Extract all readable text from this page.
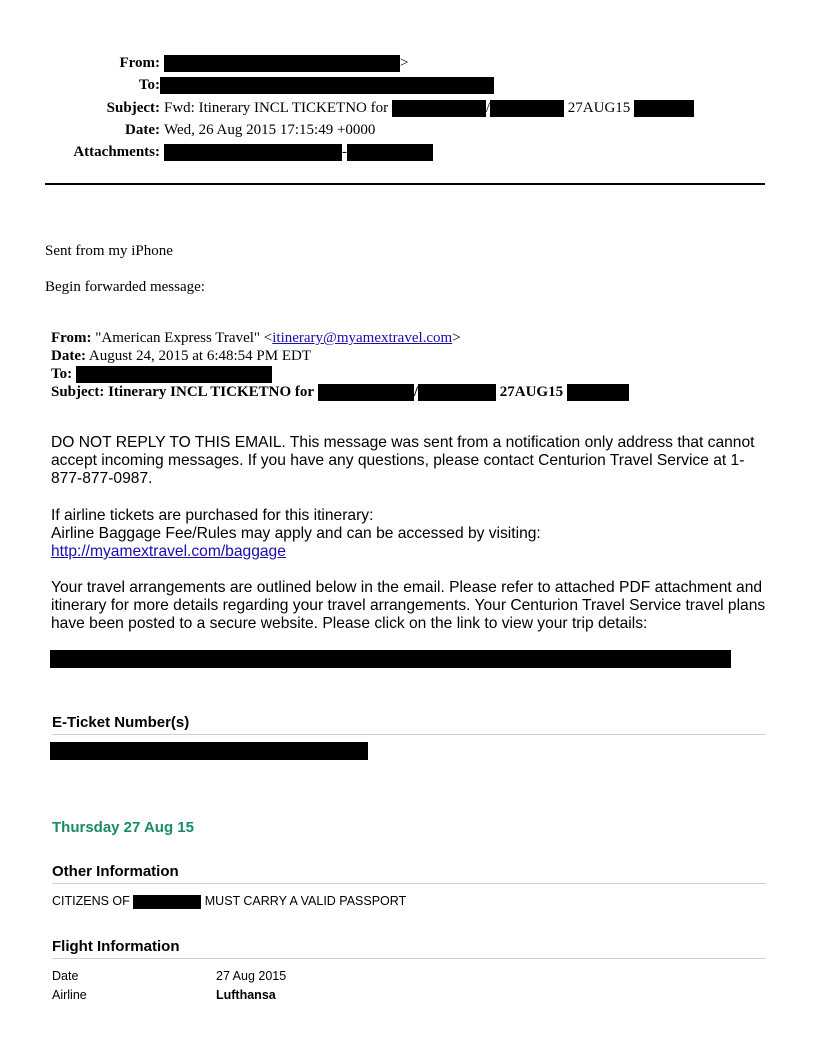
From:	>
To:
Subject: Fwd: Itinerary INCL TICKETNO for	/	27AUG15
Date: Wed, 26 Aug 2015 17:15:49 +0000
Attachments:	-
Sent from my iPhone
Begin forwarded message:
From: "American Express Travel" <itinerary@myamextravel.com>
Date: August 24, 2015 at 6:48:54 PM EDT
To:
Subject: Itinerary INCL TICKETNO for	/	27AUG15

DO NOT REPLY TO THIS EMAIL. This message was sent from a notification only address that cannot accept incoming messages. If you have any questions, please contact Centurion Travel Service at 1-877-877-0987.

If airline tickets are purchased for this itinerary:

Airline Baggage Fee/Rules may apply and can be accessed by visiting:

http://myamextravel.com/baggage

Your travel arrangements are outlined below in the email. Please refer to attached PDF attachment and itinerary for more details regarding your travel arrangements. Your Centurion Travel Service travel plans have been posted to a secure website. Please click on the link to view your trip details:

E-Ticket Number(s)
Thursday 27 Aug 15
Other Information
CITIZENS OF	MUST CARRY A VALID PASSPORT
Flight Information
Date	27 Aug 2015
Airline	Lufthansa
